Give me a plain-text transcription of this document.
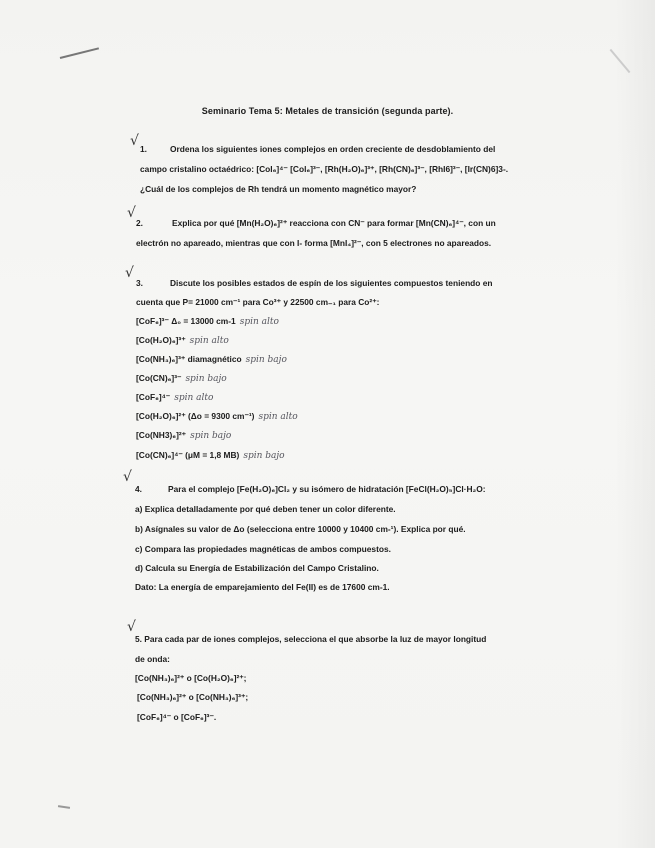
Seminario Tema 5: Metales de transición (segunda parte).
√ 1.	Ordena los siguientes iones complejos en orden creciente de desdoblamiento del
campo cristalino octaédrico: [CoI₆]⁴⁻ [Col₆]³⁻, [Rh(H₂O)₆]³⁺, [Rh(CN)₆]³⁻, [RhI6]³⁻, [Ir(CN)6]3-.
¿Cuál de los complejos de Rh tendrá un momento magnético mayor?
√
2.	Explica por qué [Mn(H₂O)₆]²⁺ reacciona con CN⁻ para formar [Mn(CN)₆]⁴⁻, con un
electrón no apareado, mientras que con I- forma [MnI₄]²⁻, con 5 electrones no apareados.
√
3.	Discute los posibles estados de espín de los siguientes compuestos teniendo en
cuenta que P= 21000 cm⁻¹ para Co³⁺ y 22500 cm₋₁ para Co²⁺:
[CoF₆]³⁻ Δ₀ = 13000 cm-1 spin alto
[Co(H₂O)₆]³⁺ spin alto
[Co(NH₃)₆]³⁺ diamagnético spin bajo
[Co(CN)₆]³⁻ spin bajo
[CoF₆]⁴⁻ spin alto
[Co(H₂O)₆]²⁺ (Δo = 9300 cm⁻¹) spin alto
[Co(NH3)₆]²⁺ spin bajo
[Co(CN)₆]⁴⁻ (μM = 1,8 MB) spin bajo
√
4.	Para el complejo [Fe(H₂O)₆]Cl₂ y su isómero de hidratación [FeCl(H₂O)₅]Cl·H₂O:
a) Explica detalladamente por qué deben tener un color diferente.
b) Asígnales su valor de Δo (selecciona entre 10000 y 10400 cm-¹). Explica por qué.
c) Compara las propiedades magnéticas de ambos compuestos.
d) Calcula su Energía de Estabilización del Campo Cristalino.
Dato: La energía de emparejamiento del Fe(II) es de 17600 cm-1.
√
5. Para cada par de iones complejos, selecciona el que absorbe la luz de mayor longitud
de onda:
[Co(NH₃)₆]²⁺ o [Co(H₂O)₆]²⁺;
[Co(NH₃)₆]²⁺ o [Co(NH₃)₆]³⁺;
[CoF₆]⁴⁻ o [CoF₆]³⁻.
